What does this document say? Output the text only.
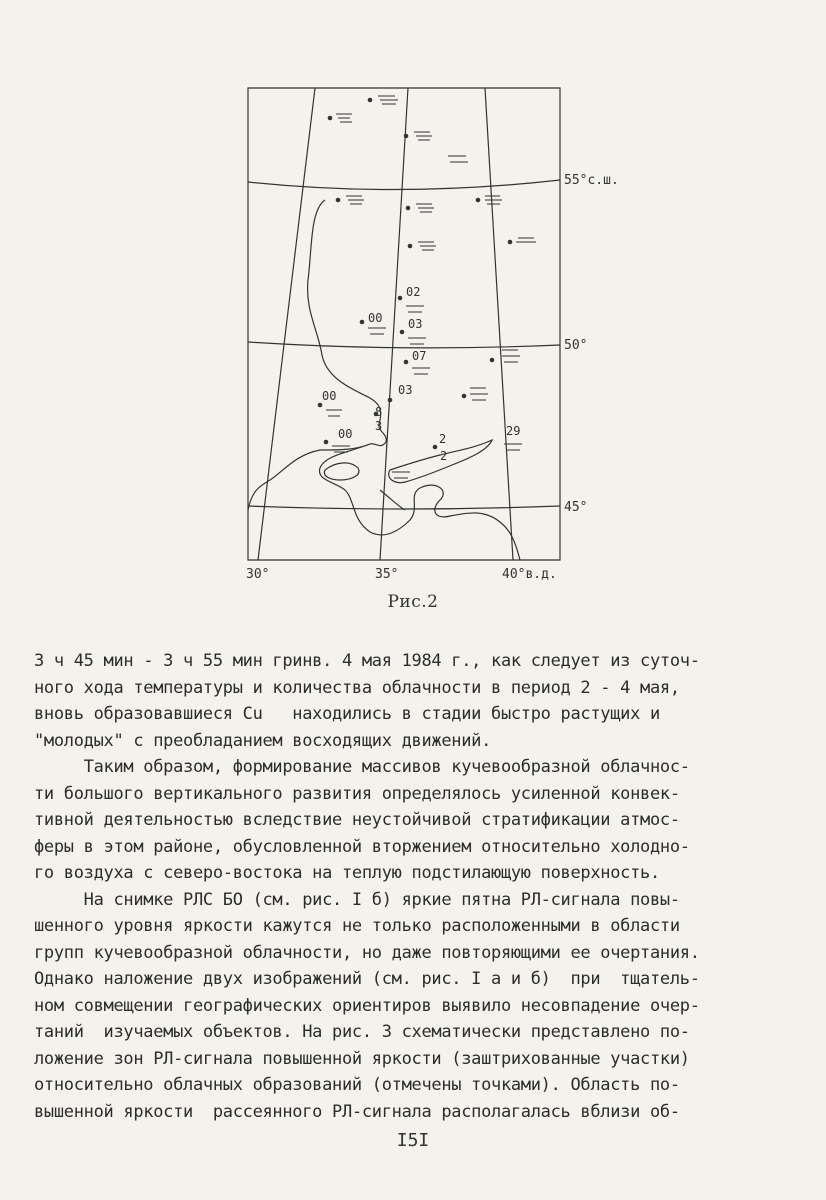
02
00 03
07
00	03
8
3
00	2
2
29
55°с.ш.
50°
45°
30°	35°	40°в.д.
Рис.2
3 ч 45 мин - 3 ч 55 мин гринв. 4 мая 1984 г., как следует из суточ-
ного хода температуры и количества облачности в период 2 - 4 мая,
вновь образовавшиеся Cu   находились в стадии быстро растущих и
"молодых" с преобладанием восходящих движений.
Таким образом, формирование массивов кучевообразной облачнос-
ти большого вертикального развития определялось усиленной конвек-
тивной деятельностью вследствие неустойчивой стратификации атмос-
феры в этом районе, обусловленной вторжением относительно холодно-
го воздуха с северо-востока на теплую подстилающую поверхность.
На снимке РЛС БО (см. рис. I б) яркие пятна РЛ-сигнала повы-
шенного уровня яркости кажутся не только расположенными в области
групп кучевообразной облачности, но даже повторяющими ее очертания.
Однако наложение двух изображений (см. рис. I а и б)  при  тщатель-
ном совмещении географических ориентиров выявило несовпадение очер-
таний  изучаемых объектов. На рис. 3 схематически представлено по-
ложение зон РЛ-сигнала повышенной яркости (заштрихованные участки)
относительно облачных образований (отмечены точками). Область по-
вышенной яркости  рассеянного РЛ-сигнала располагалась вблизи об-
I5I
